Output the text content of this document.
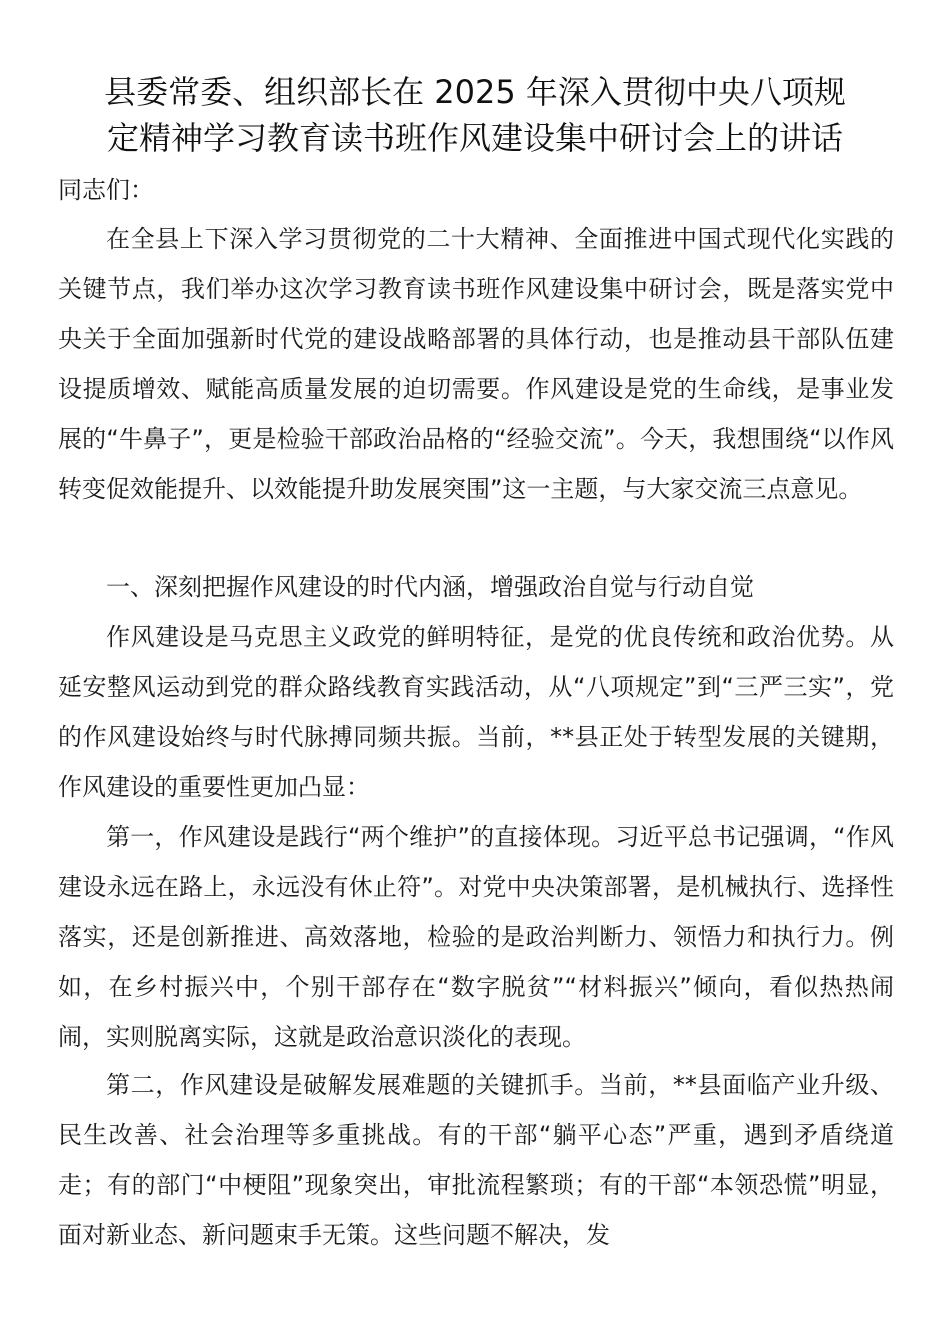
县委常委、组织部长在 2025 年深入贯彻中央八项规
定精神学习教育读书班作风建设集中研讨会上的讲话
同志们：
在全县上下深入学习贯彻党的二十大精神、全面推进中国式现代化实践的关键节点，我们举办这次学习教育读书班作风建设集中研讨会，既是落实党中央关于全面加强新时代党的建设战略部署的具体行动，也是推动县干部队伍建设提质增效、赋能高质量发展的迫切需要。作风建设是党的生命线，是事业发展的“牛鼻子”，更是检验干部政治品格的“经验交流”。今天，我想围绕“以作风转变促效能提升、以效能提升助发展突围”这一主题，与大家交流三点意见。
一、深刻把握作风建设的时代内涵，增强政治自觉与行动自觉
作风建设是马克思主义政党的鲜明特征，是党的优良传统和政治优势。从延安整风运动到党的群众路线教育实践活动，从“八项规定”到“三严三实”，党的作风建设始终与时代脉搏同频共振。当前，**县正处于转型发展的关键期，作风建设的重要性更加凸显：
第一，作风建设是践行“两个维护”的直接体现。习近平总书记强调，“作风建设永远在路上，永远没有休止符”。对党中央决策部署，是机械执行、选择性落实，还是创新推进、高效落地，检验的是政治判断力、领悟力和执行力。例如，在乡村振兴中，个别干部存在“数字脱贫”“材料振兴”倾向，看似热热闹闹，实则脱离实际，这就是政治意识淡化的表现。
第二，作风建设是破解发展难题的关键抓手。当前，**县面临产业升级、民生改善、社会治理等多重挑战。有的干部“躺平心态”严重，遇到矛盾绕道走；有的部门“中梗阻”现象突出，审批流程繁琐；有的干部“本领恐慌”明显，面对新业态、新问题束手无策。这些问题不解决，发
